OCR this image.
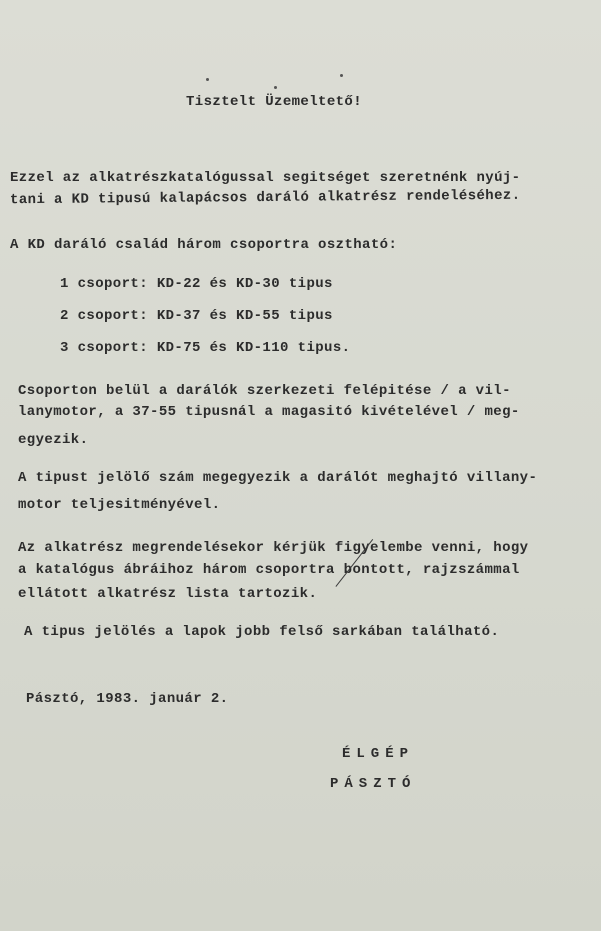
Tisztelt Üzemeltető!
Ezzel az alkatrészkatalógussal segitséget szeretnénk nyúj-
tani a KD tipusú kalapácsos daráló alkatrész rendeléséhez.
A KD daráló család három csoportra osztható:
1 csoport: KD-22 és KD-30 tipus
2 csoport: KD-37 és KD-55 tipus
3 csoport: KD-75 és KD-110 tipus.
Csoporton belül a darálók szerkezeti felépitése / a vil-
lanymotor, a 37-55 tipusnál a magasitó kivételével / meg-
egyezik.
A tipust jelölő szám megegyezik a darálót meghajtó villany-
motor teljesitményével.
Az alkatrész megrendelésekor kérjük figyelembe venni, hogy
a katalógus ábráihoz három csoportra bontott, rajzszámmal
ellátott alkatrész lista tartozik.
A tipus jelölés a lapok jobb felső sarkában található.
Pásztó, 1983. január 2.
ÉLGÉP
PÁSZTÓ
